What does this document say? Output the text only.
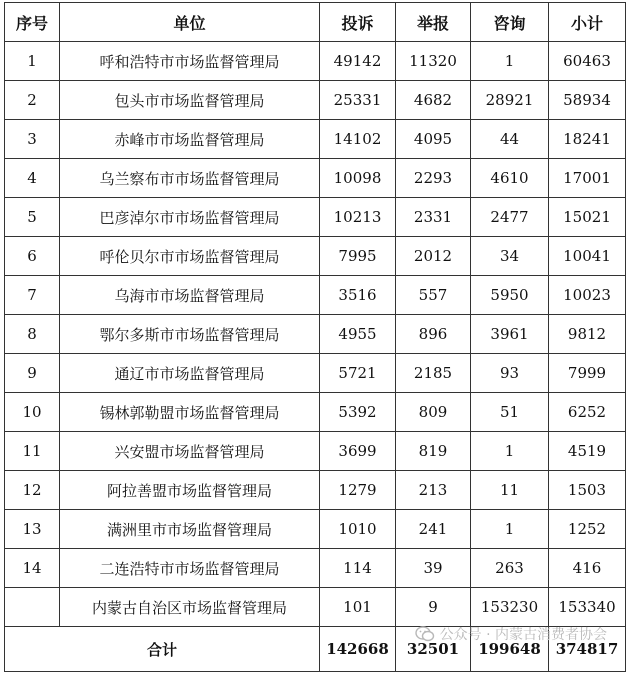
序号	单位	投诉	举报	咨询	小计
1	呼和浩特市市场监督管理局	49142	11320	1	60463
2	包头市市场监督管理局	25331	4682	28921	58934
3	赤峰市市场监督管理局	14102	4095	44	18241
4	乌兰察布市市场监督管理局	10098	2293	4610	17001
5	巴彦淖尔市市场监督管理局	10213	2331	2477	15021
6	呼伦贝尔市市场监督管理局	7995	2012	34	10041
7	乌海市市场监督管理局	3516	557	5950	10023
8	鄂尔多斯市市场监督管理局	4955	896	3961	9812
9	通辽市市场监督管理局	5721	2185	93	7999
10	锡林郭勒盟市场监督管理局	5392	809	51	6252
11	兴安盟市场监督管理局	3699	819	1	4519
12	阿拉善盟市场监督管理局	1279	213	11	1503
13	满洲里市市场监督管理局	1010	241	1	1252
14	二连浩特市市场监督管理局	114	39	263	416
	内蒙古自治区市场监督管理局	101	9	153230	153340
合计		142668	32501	199648	374817
公众号 · 内蒙古消费者协会
